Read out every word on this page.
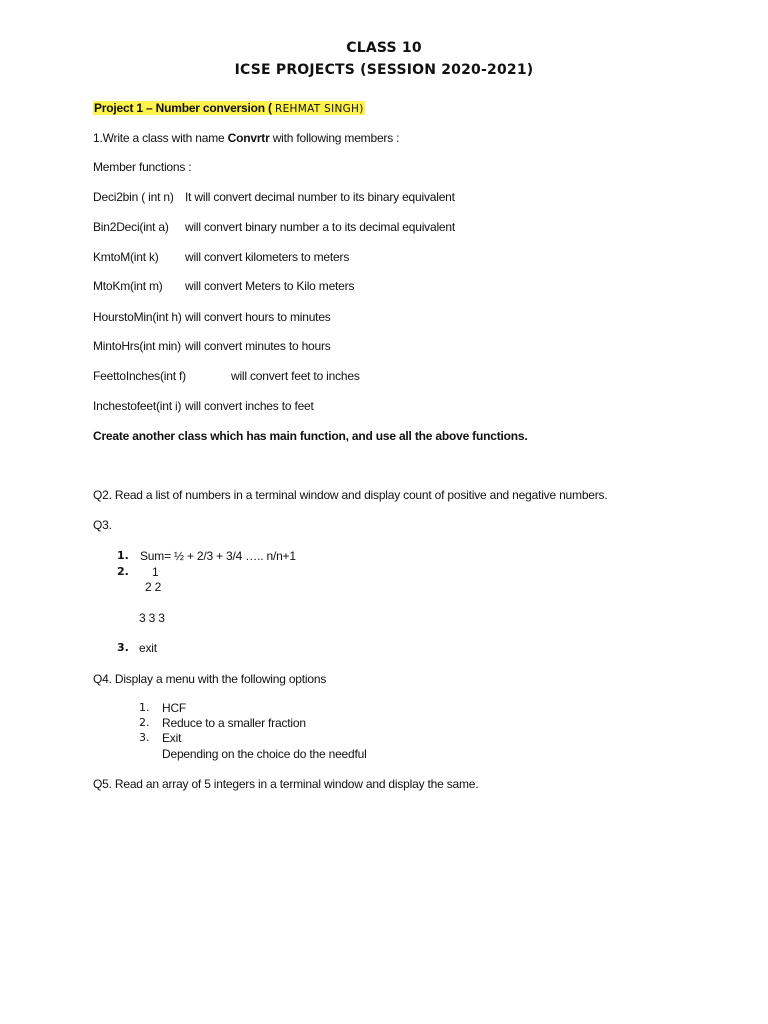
CLASS 10
ICSE PROJECTS (SESSION 2020-2021)
Project 1 – Number conversion ( REHMAT SINGH)
1.Write a class with name Convrtr with following members :
Member functions :
Deci2bin ( int n) It will convert decimal number to its binary equivalent
Bin2Deci(int a) will convert binary number a to its decimal equivalent
KmtoM(int k) will convert kilometers to meters
MtoKm(int m) will convert Meters to Kilo meters
HourstoMin(int h) will convert hours to minutes
MintoHrs(int min) will convert minutes to hours
FeettoInches(int f)	will convert feet to inches
Inchestofeet(int i) will convert inches to feet
Create another class which has main function, and use all the above functions.
Q2. Read a list of numbers in a terminal window and display count of positive and negative numbers.
Q3.
1. Sum= ½ + 2/3 + 3/4 ….. n/n+1
2. 1
2 2
3 3 3
3. exit
Q4. Display a menu with the following options
1. HCF
2. Reduce to a smaller fraction
3. Exit
Depending on the choice do the needful
Q5. Read an array of 5 integers in a terminal window and display the same.
